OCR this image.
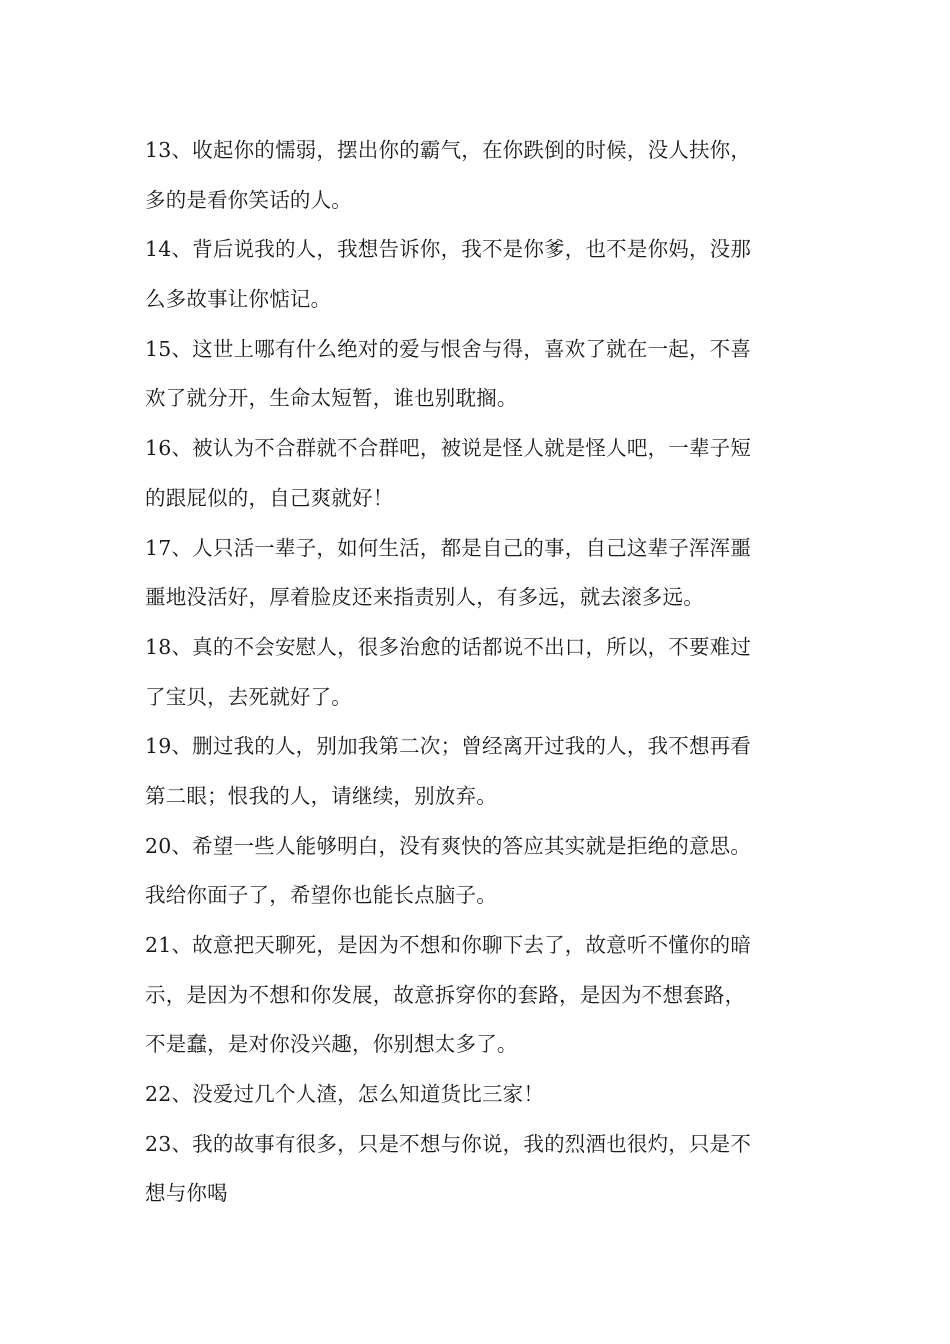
13、收起你的懦弱，摆出你的霸气，在你跌倒的时候，没人扶你，
多的是看你笑话的人。

14、背后说我的人，我想告诉你，我不是你爹，也不是你妈，没那
么多故事让你惦记。

15、这世上哪有什么绝对的爱与恨舍与得，喜欢了就在一起，不喜
欢了就分开，生命太短暂，谁也别耽搁。

16、被认为不合群就不合群吧，被说是怪人就是怪人吧，一辈子短
的跟屁似的，自己爽就好！

17、人只活一辈子，如何生活，都是自己的事，自己这辈子浑浑噩
噩地没活好，厚着脸皮还来指责别人，有多远，就去滚多远。

18、真的不会安慰人，很多治愈的话都说不出口，所以，不要难过
了宝贝，去死就好了。

19、删过我的人，别加我第二次；曾经离开过我的人，我不想再看
第二眼；恨我的人，请继续，别放弃。

20、希望一些人能够明白，没有爽快的答应其实就是拒绝的意思。
我给你面子了，希望你也能长点脑子。

21、故意把天聊死，是因为不想和你聊下去了，故意听不懂你的暗
示，是因为不想和你发展，故意拆穿你的套路，是因为不想套路，
不是蠢，是对你没兴趣，你别想太多了。

22、没爱过几个人渣，怎么知道货比三家！

23、我的故事有很多，只是不想与你说，我的烈酒也很灼，只是不
想与你喝
